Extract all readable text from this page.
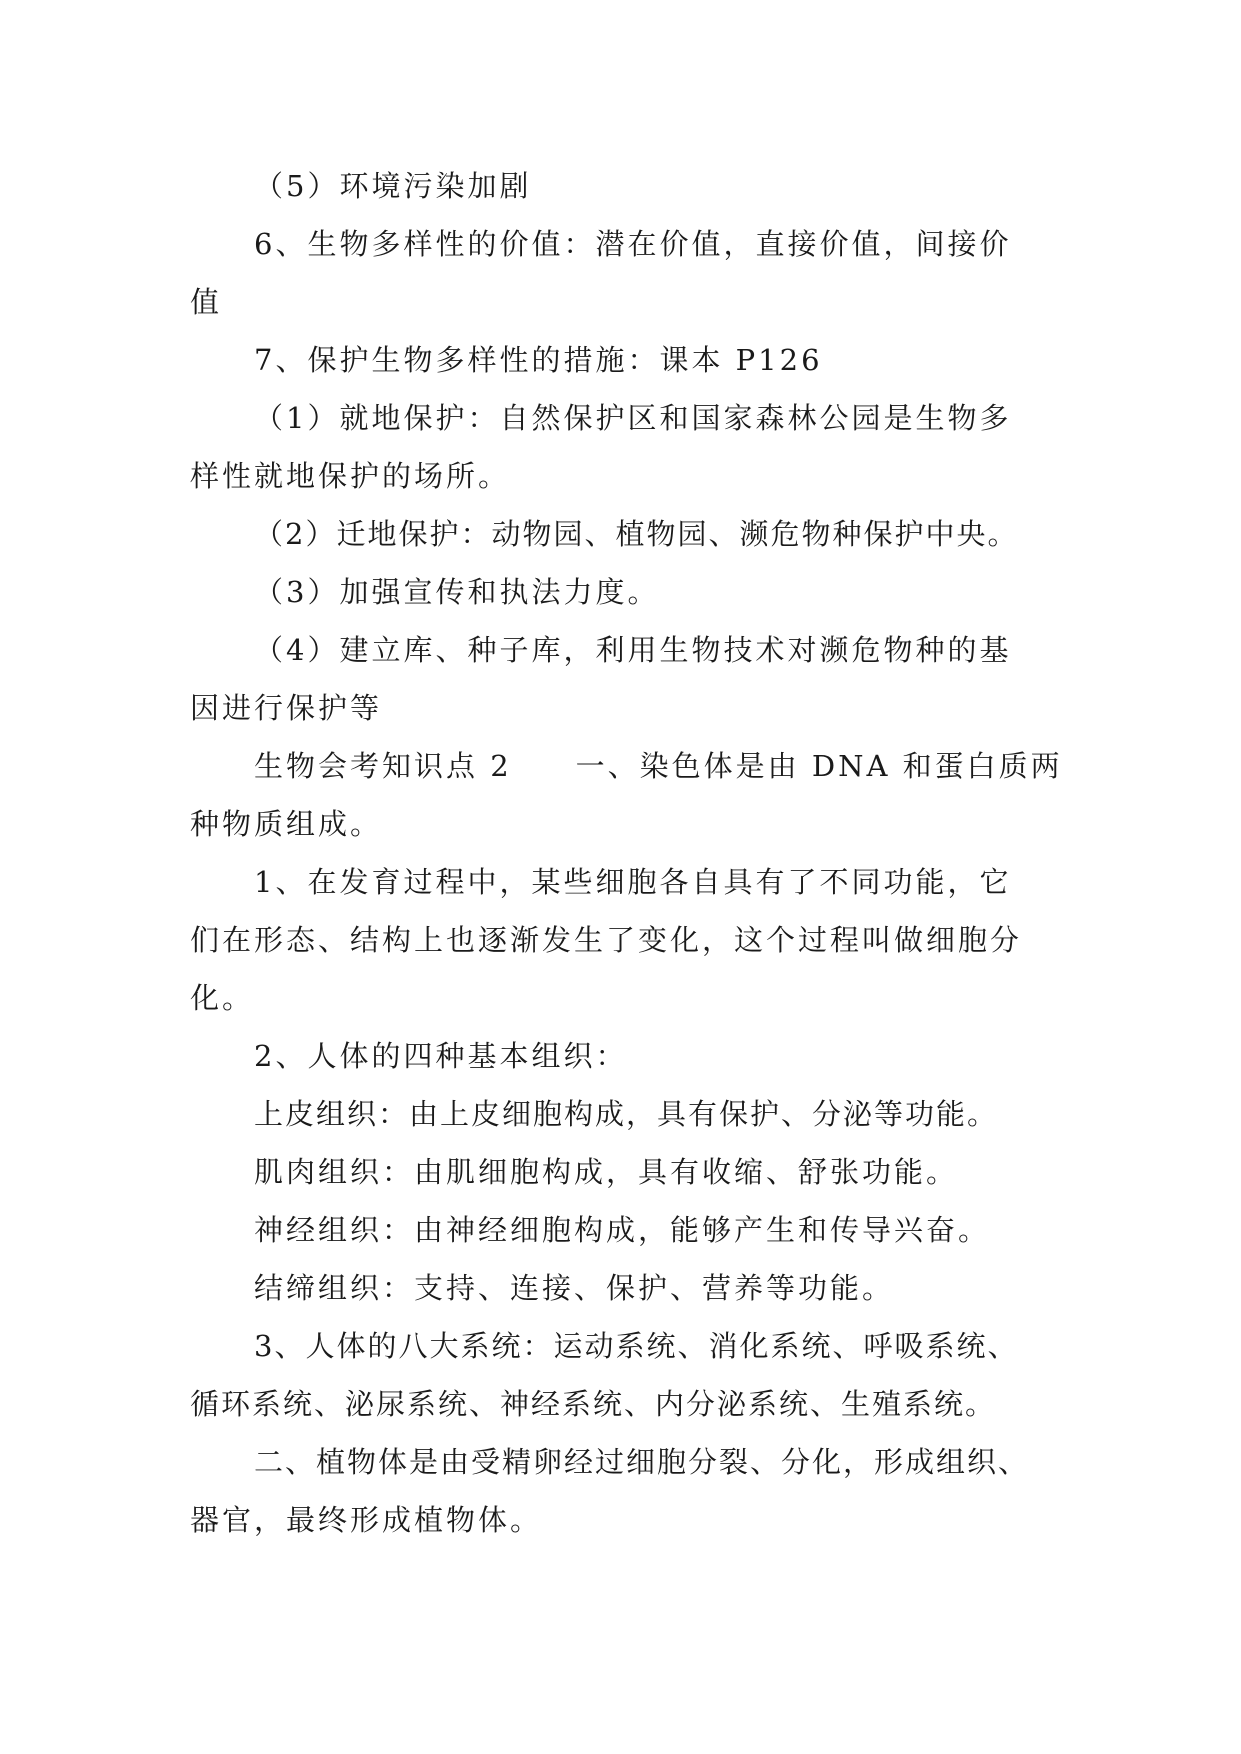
（5）环境污染加剧

6、生物多样性的价值：潜在价值，直接价值，间接价

值

7、保护生物多样性的措施：课本 P126

（1）就地保护：自然保护区和国家森林公园是生物多

样性就地保护的场所。

（2）迁地保护：动物园、植物园、濒危物种保护中央。

（3）加强宣传和执法力度。

（4）建立库、种子库，利用生物技术对濒危物种的基

因进行保护等

生物会考知识点 2　　一、染色体是由 DNA 和蛋白质两

种物质组成。

1、在发育过程中，某些细胞各自具有了不同功能，它

们在形态、结构上也逐渐发生了变化，这个过程叫做细胞分

化。

2、人体的四种基本组织：

上皮组织：由上皮细胞构成，具有保护、分泌等功能。

肌肉组织：由肌细胞构成，具有收缩、舒张功能。

神经组织：由神经细胞构成，能够产生和传导兴奋。

结缔组织：支持、连接、保护、营养等功能。

3、人体的八大系统：运动系统、消化系统、呼吸系统、

循环系统、泌尿系统、神经系统、内分泌系统、生殖系统。

二、植物体是由受精卵经过细胞分裂、分化，形成组织、

器官，最终形成植物体。
